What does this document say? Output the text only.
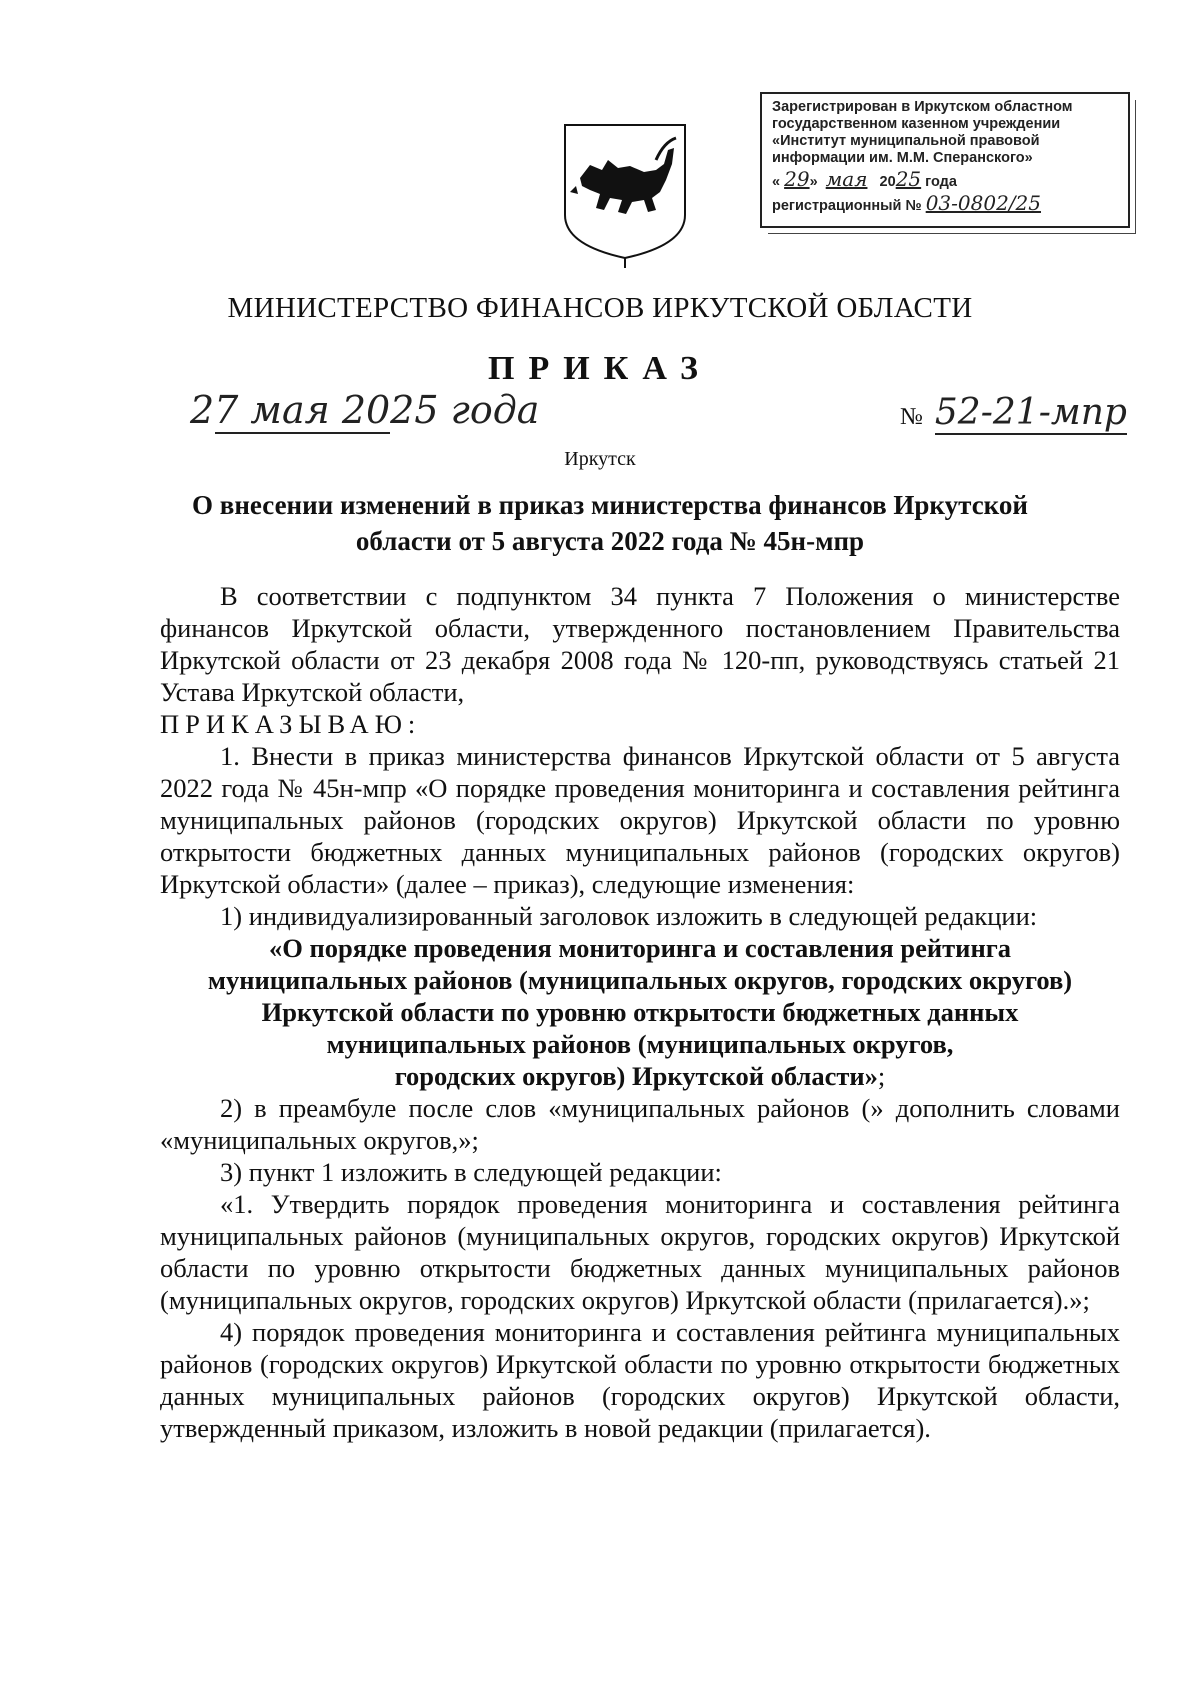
Зарегистрирован в Иркутском областном
государственном казенном учреждении
«Институт муниципальной правовой
информации им. М.М. Сперанского»
« 29» мая 2025 года
регистрационный № 03-0802/25
МИНИСТЕРСТВО ФИНАНСОВ ИРКУТСКОЙ ОБЛАСТИ
ПРИКАЗ
27 мая 2025 года	№ 52-21-мпр
Иркутск
О внесении изменений в приказ министерства финансов Иркутской
области от 5 августа 2022 года № 45н-мпр

В соответствии с подпунктом 34 пункта 7 Положения о министерстве финансов Иркутской области, утвержденного постановлением Правительства Иркутской области от 23 декабря 2008 года № 120-пп, руководствуясь статьей 21 Устава Иркутской области,

ПРИКАЗЫВАЮ:

1. Внести в приказ министерства финансов Иркутской области от 5 августа 2022 года № 45н-мпр «О порядке проведения мониторинга и составления рейтинга муниципальных районов (городских округов) Иркутской области по уровню открытости бюджетных данных муниципальных районов (городских округов) Иркутской области» (далее – приказ), следующие изменения:

1) индивидуализированный заголовок изложить в следующей редакции:

«О порядке проведения мониторинга и составления рейтинга

муниципальных районов (муниципальных округов, городских округов)

Иркутской области по уровню открытости бюджетных данных

муниципальных районов (муниципальных округов,

городских округов) Иркутской области»;

2) в преамбуле после слов «муниципальных районов (» дополнить словами «муниципальных округов,»;

3) пункт 1 изложить в следующей редакции:

«1. Утвердить порядок проведения мониторинга и составления рейтинга муниципальных районов (муниципальных округов, городских округов) Иркутской области по уровню открытости бюджетных данных муниципальных районов (муниципальных округов, городских округов) Иркутской области (прилагается).»;

4) порядок проведения мониторинга и составления рейтинга муниципальных районов (городских округов) Иркутской области по уровню открытости бюджетных данных муниципальных районов (городских округов) Иркутской области, утвержденный приказом, изложить в новой редакции (прилагается).
